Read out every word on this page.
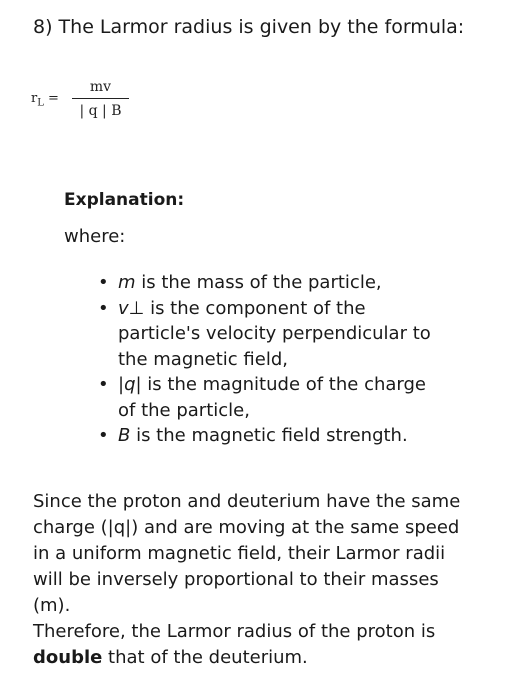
8) The Larmor radius is given by the formula:
$r_L$ =
mv
| q | B
Explanation:
where:
• m is the mass of the particle,
• v⊥ is the component of the
particle's velocity perpendicular to
the magnetic field,
• |q| is the magnitude of the charge
of the particle,
• B is the magnetic field strength.
Since the proton and deuterium have the same
charge (|q|) and are moving at the same speed
in a uniform magnetic field, their Larmor radii
will be inversely proportional to their masses
(m).
Therefore, the Larmor radius of the proton is
double that of the deuterium.
